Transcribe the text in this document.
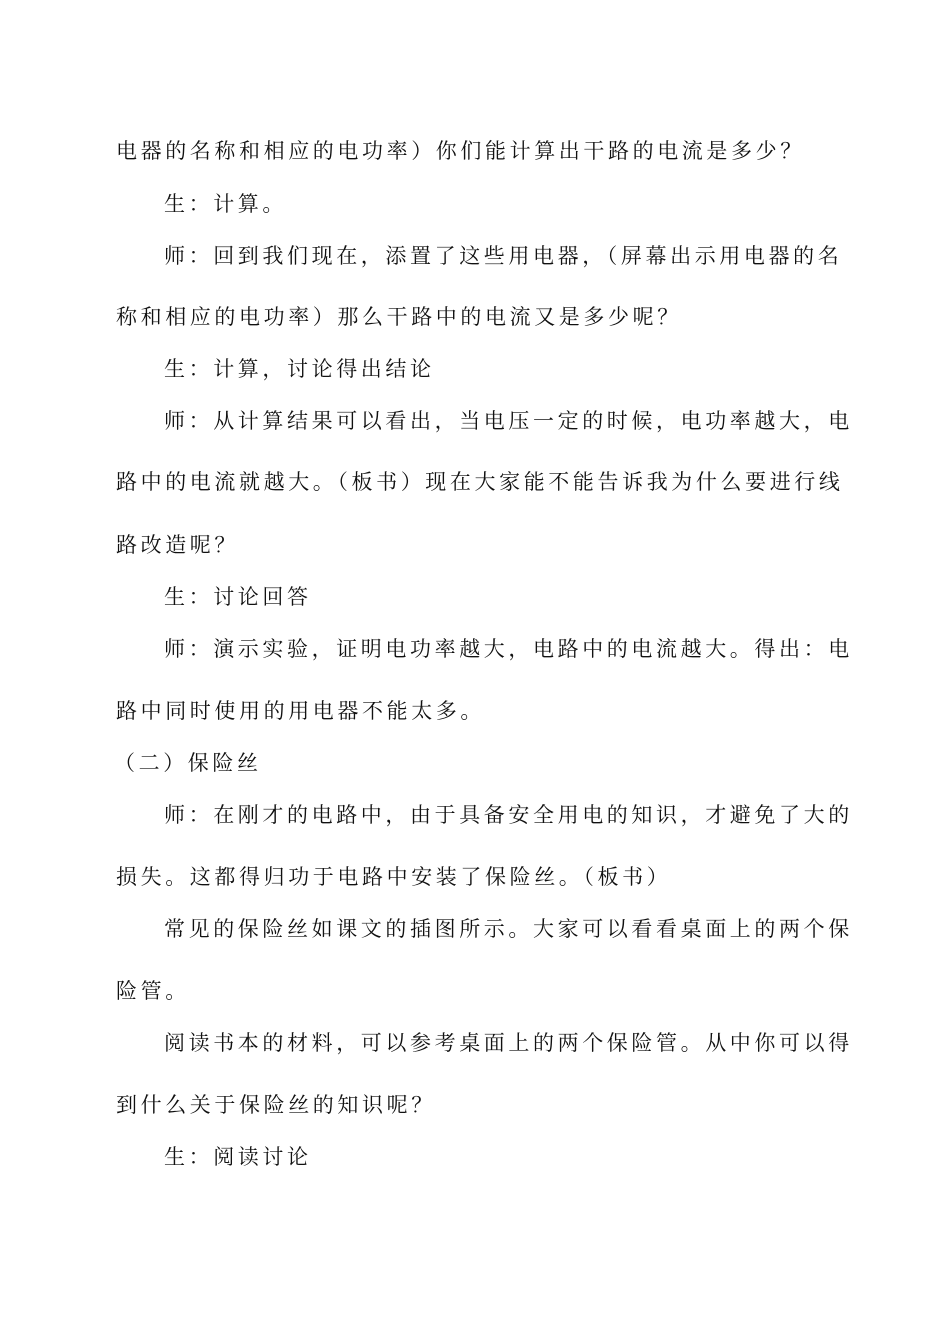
电器的名称和相应的电功率）你们能计算出干路的电流是多少？
生：计算。
师：回到我们现在，添置了这些用电器，（屏幕出示用电器的名
称和相应的电功率）那么干路中的电流又是多少呢？
生：计算，讨论得出结论
师：从计算结果可以看出，当电压一定的时候，电功率越大，电
路中的电流就越大。（板书）现在大家能不能告诉我为什么要进行线
路改造呢？
生：讨论回答
师：演示实验，证明电功率越大，电路中的电流越大。得出：电
路中同时使用的用电器不能太多。
（二）保险丝
师：在刚才的电路中，由于具备安全用电的知识，才避免了大的
损失。这都得归功于电路中安装了保险丝。（板书）
常见的保险丝如课文的插图所示。大家可以看看桌面上的两个保
险管。
阅读书本的材料，可以参考桌面上的两个保险管。从中你可以得
到什么关于保险丝的知识呢？
生：阅读讨论
